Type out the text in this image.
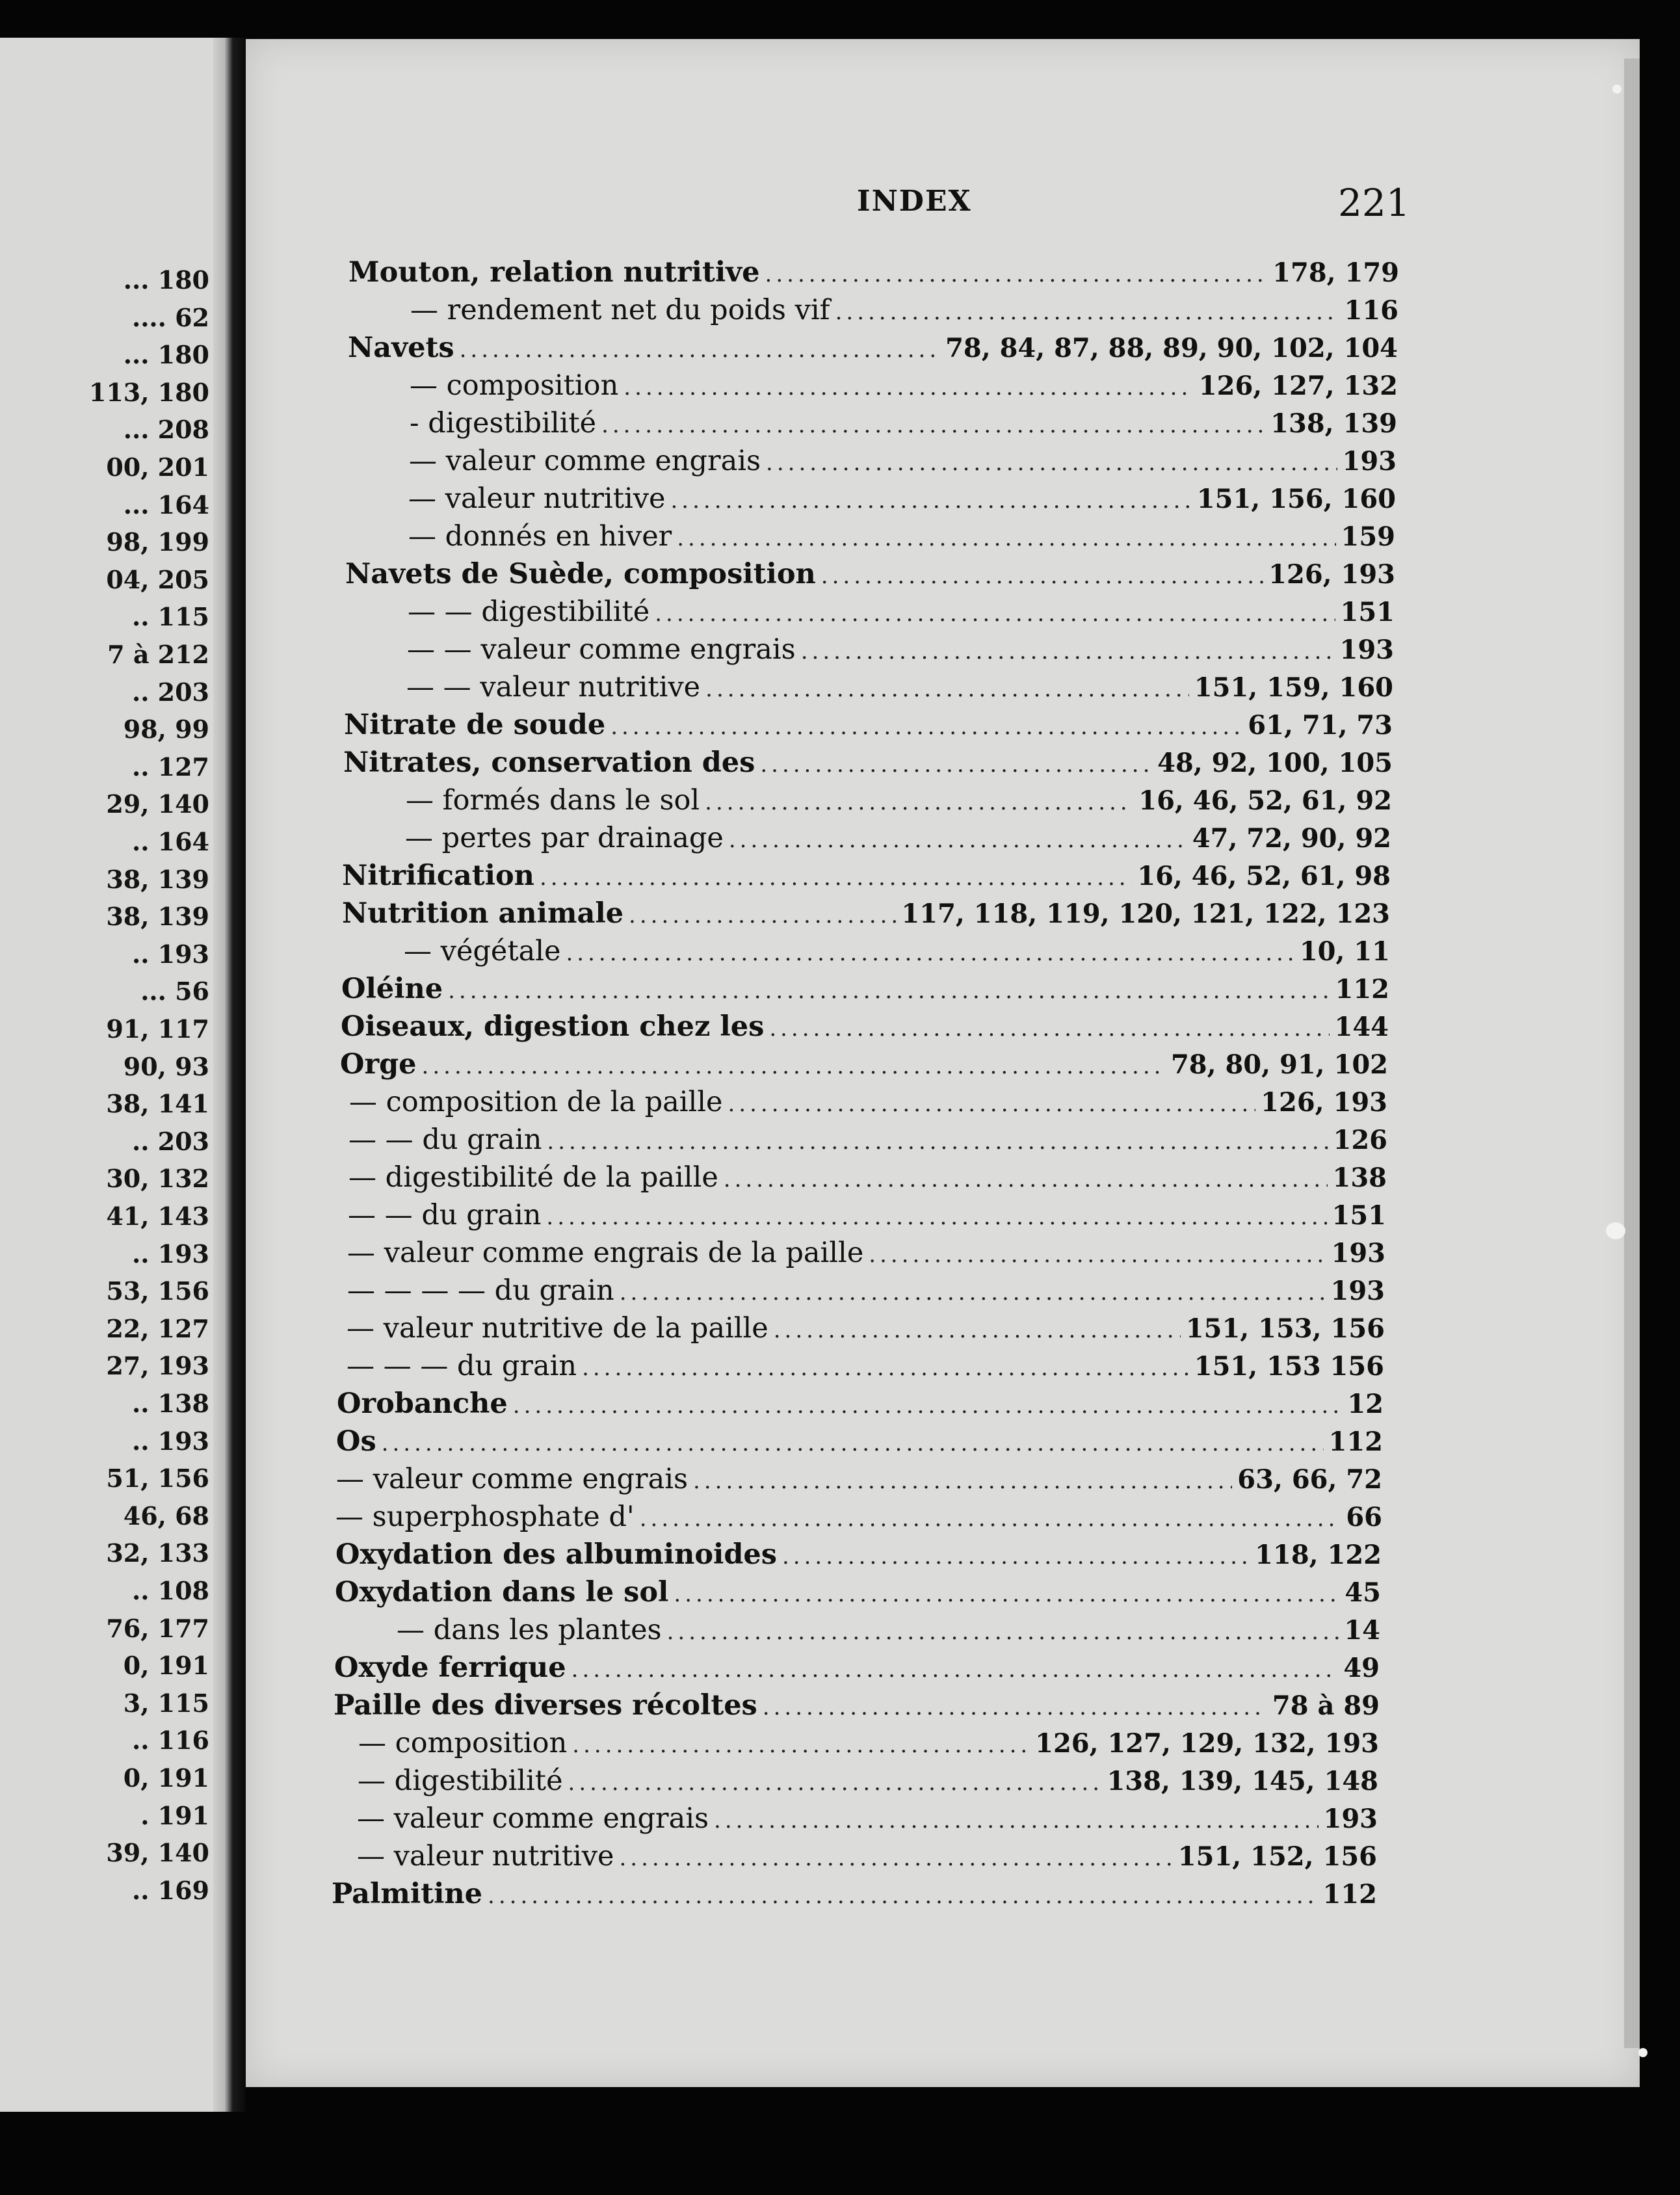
... 180
.... 62
... 180
113, 180
... 208
00, 201
... 164
98, 199
04, 205
.. 115
7 à 212
.. 203
98, 99
.. 127
29, 140
.. 164
38, 139
38, 139
.. 193
... 56
91, 117
90, 93
38, 141
.. 203
30, 132
41, 143
.. 193
53, 156
22, 127
27, 193
.. 138
.. 193
51, 156
46, 68
32, 133
.. 108
76, 177
0, 191
3, 115
.. 116
0, 191
. 191
39, 140
.. 169
INDEX	221
Mouton, relation nutritive .....	178, 179
— rendement net du poids vif .....	116
Navets .....	78, 84, 87, 88, 89, 90, 102, 104
— composition .....	126, 127, 132
- digestibilité .....	138, 139
— valeur comme engrais .....	193
— valeur nutritive .....	151, 156, 160
— donnés en hiver .....	159
Navets de Suède, composition .....	126, 193
— — digestibilité .....	151
— — valeur comme engrais .....	193
— — valeur nutritive .....	151, 159, 160
Nitrate de soude .....	61, 71, 73
Nitrates, conservation des .....	48, 92, 100, 105
— formés dans le sol .....	16, 46, 52, 61, 92
— pertes par drainage .....	47, 72, 90, 92
Nitrification .....	16, 46, 52, 61, 98
Nutrition animale .....	117, 118, 119, 120, 121, 122, 123
— végétale .....	10, 11
Oléine .....	112
Oiseaux, digestion chez les .....	144
Orge .....	78, 80, 91, 102
— composition de la paille .....	126, 193
— — du grain .....	126
— digestibilité de la paille .....	138
— — du grain .....	151
— valeur comme engrais de la paille .....	193
— — — — du grain .....	193
— valeur nutritive de la paille .....	151, 153, 156
— — — du grain .....	151, 153 156
Orobanche .....	12
Os .....	112
— valeur comme engrais .....	63, 66, 72
— superphosphate d' .....	66
Oxydation des albuminoides .....	118, 122
Oxydation dans le sol .....	45
— dans les plantes .....	14
Oxyde ferrique .....	49
Paille des diverses récoltes .....	78 à 89
— composition .....	126, 127, 129, 132, 193
— digestibilité .....	138, 139, 145, 148
— valeur comme engrais .....	193
— valeur nutritive .....	151, 152, 156
Palmitine .....	112
